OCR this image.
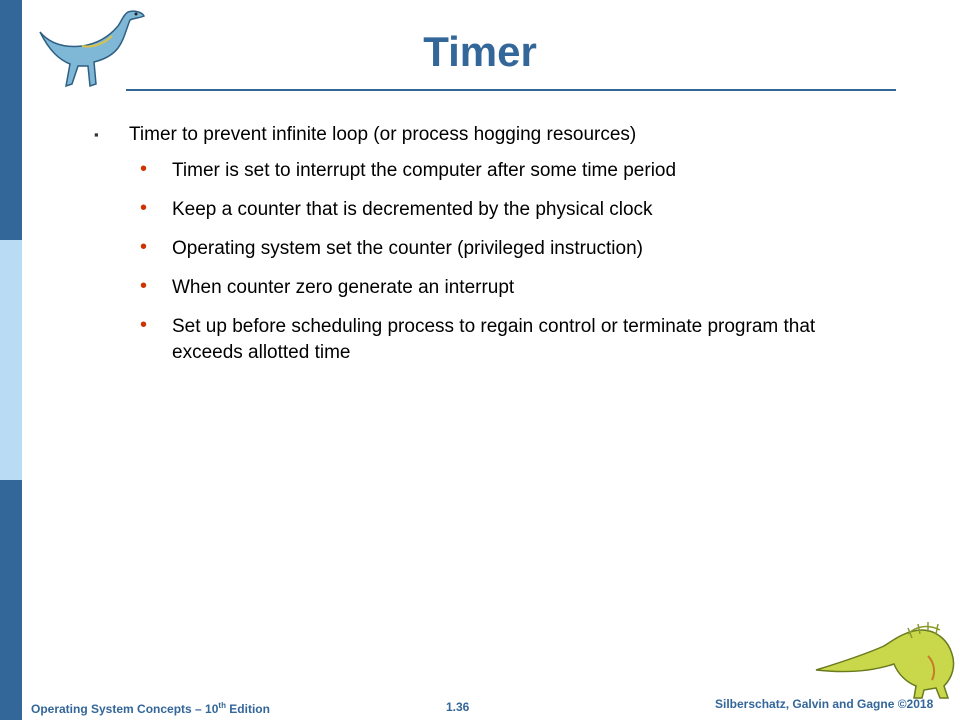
Timer
▪	Timer to prevent infinite loop (or process hogging resources)
• Timer is set to interrupt the computer after some time period
• Keep a counter that is decremented by the physical clock
• Operating system set the counter (privileged instruction)
• When counter zero generate an interrupt
• Set up before scheduling process to regain control or terminate program that exceeds allotted time
Operating System Concepts – 10th Edition	1.36	Silberschatz, Galvin and Gagne ©2018
